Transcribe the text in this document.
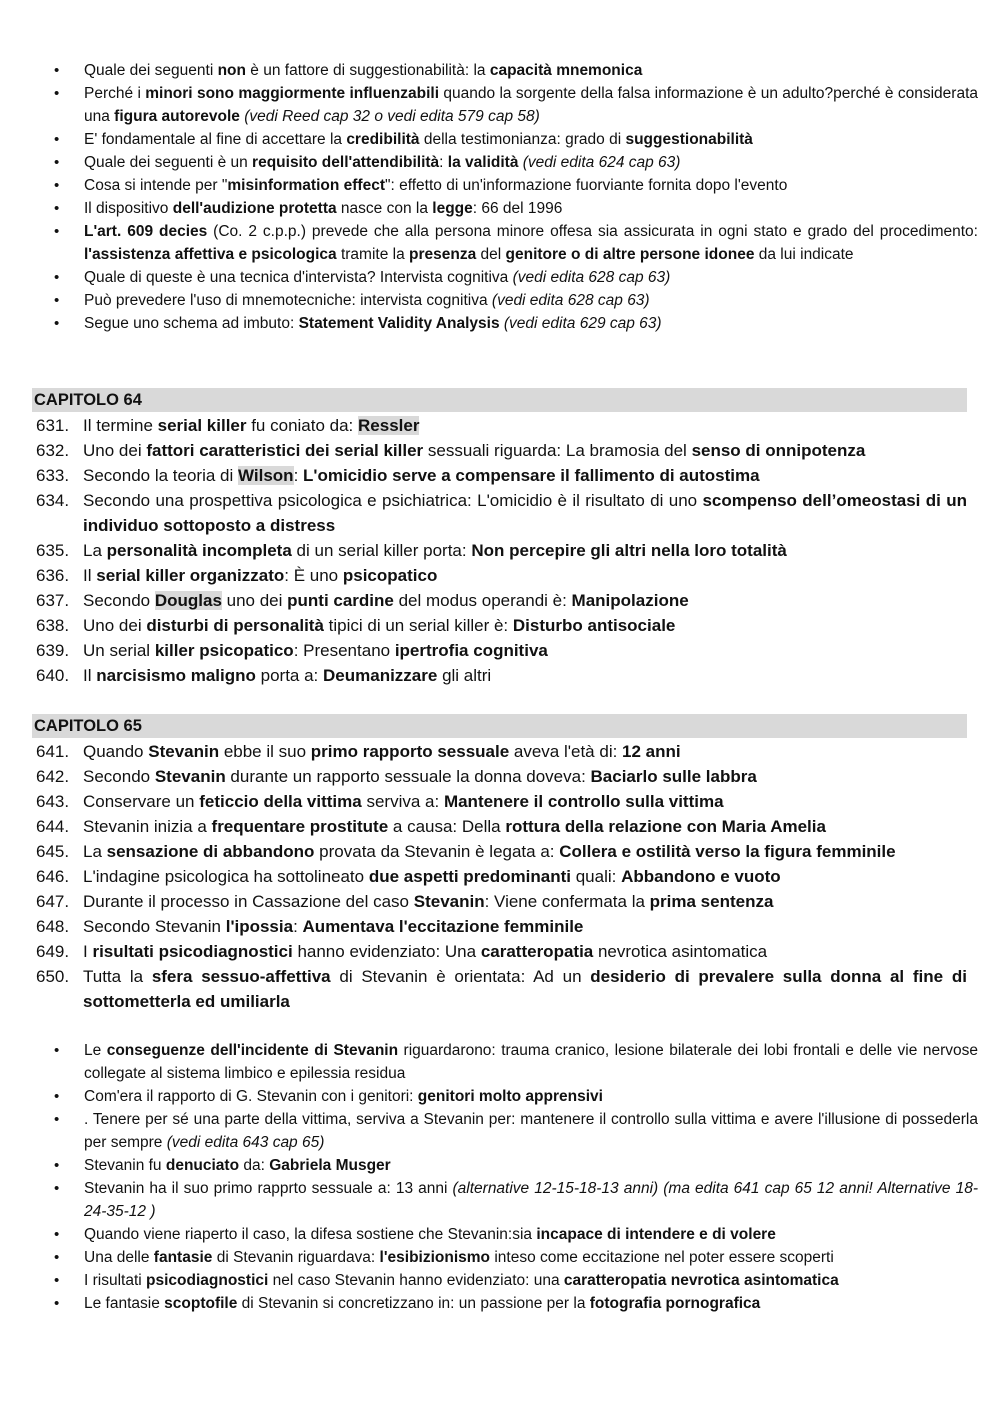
• Quale dei seguenti non è un fattore di suggestionabilità: la capacità mnemonica
• Perché i minori sono maggiormente influenzabili quando la sorgente della falsa informazione è un adulto?perché è considerata una figura autorevole (vedi Reed cap 32 o vedi edita 579 cap 58)
• E' fondamentale al fine di accettare la credibilità della testimonianza: grado di suggestionabilità
• Quale dei seguenti è un requisito dell'attendibilità: la validità (vedi edita 624 cap 63)
• Cosa si intende per "misinformation effect": effetto di un'informazione fuorviante fornita dopo l'evento
• Il dispositivo dell'audizione protetta nasce con la legge: 66 del 1996
• L'art. 609 decies (Co. 2 c.p.p.) prevede che alla persona minore offesa sia assicurata in ogni stato e grado del procedimento: l'assistenza affettiva e psicologica tramite la presenza del genitore o di altre persone idonee da lui indicate
• Quale di queste è una tecnica d'intervista? Intervista cognitiva (vedi edita 628 cap 63)
• Può prevedere l'uso di mnemotecniche: intervista cognitiva (vedi edita 628 cap 63)
• Segue uno schema ad imbuto: Statement Validity Analysis (vedi edita 629 cap 63)
CAPITOLO 64
631. Il termine serial killer fu coniato da: Ressler
632. Uno dei fattori caratteristici dei serial killer sessuali riguarda: La bramosia del senso di onnipotenza
633. Secondo la teoria di Wilson: L'omicidio serve a compensare il fallimento di autostima
634. Secondo una prospettiva psicologica e psichiatrica: L'omicidio è il risultato di uno scompenso dell’omeostasi di un individuo sottoposto a distress
635. La personalità incompleta di un serial killer porta: Non percepire gli altri nella loro totalità
636. Il serial killer organizzato: È uno psicopatico
637. Secondo Douglas uno dei punti cardine del modus operandi è: Manipolazione
638. Uno dei disturbi di personalità tipici di un serial killer è: Disturbo antisociale
639. Un serial killer psicopatico: Presentano ipertrofia cognitiva
640. Il narcisismo maligno porta a: Deumanizzare gli altri
CAPITOLO 65
641. Quando Stevanin ebbe il suo primo rapporto sessuale aveva l'età di: 12 anni
642. Secondo Stevanin durante un rapporto sessuale la donna doveva: Baciarlo sulle labbra
643. Conservare un feticcio della vittima serviva a: Mantenere il controllo sulla vittima
644. Stevanin inizia a frequentare prostitute a causa: Della rottura della relazione con Maria Amelia
645. La sensazione di abbandono provata da Stevanin è legata a: Collera e ostilità verso la figura femminile
646. L'indagine psicologica ha sottolineato due aspetti predominanti quali: Abbandono e vuoto
647. Durante il processo in Cassazione del caso Stevanin: Viene confermata la prima sentenza
648. Secondo Stevanin l'ipossia: Aumentava l'eccitazione femminile
649. I risultati psicodiagnostici hanno evidenziato: Una caratteropatia nevrotica asintomatica
650. Tutta la sfera sessuo-affettiva di Stevanin è orientata: Ad un desiderio di prevalere sulla donna al fine di sottometterla ed umiliarla
• Le conseguenze dell'incidente di Stevanin riguardarono: trauma cranico, lesione bilaterale dei lobi frontali e delle vie nervose collegate al sistema limbico e epilessia residua
• Com'era il rapporto di G. Stevanin con i genitori: genitori molto apprensivi
• . Tenere per sé una parte della vittima, serviva a Stevanin per: mantenere il controllo sulla vittima e avere l'illusione di possederla per sempre (vedi edita 643 cap 65)
• Stevanin fu denuciato da: Gabriela Musger
• Stevanin ha il suo primo rapprto sessuale a: 13 anni (alternative 12-15-18-13 anni) (ma edita 641 cap 65 12 anni! Alternative 18-24-35-12 )
• Quando viene riaperto il caso, la difesa sostiene che Stevanin:sia incapace di intendere e di volere
• Una delle fantasie di Stevanin riguardava: l'esibizionismo inteso come eccitazione nel poter essere scoperti
• I risultati psicodiagnostici nel caso Stevanin hanno evidenziato: una caratteropatia nevrotica asintomatica
• Le fantasie scoptofile di Stevanin si concretizzano in: un passione per la fotografia pornografica
